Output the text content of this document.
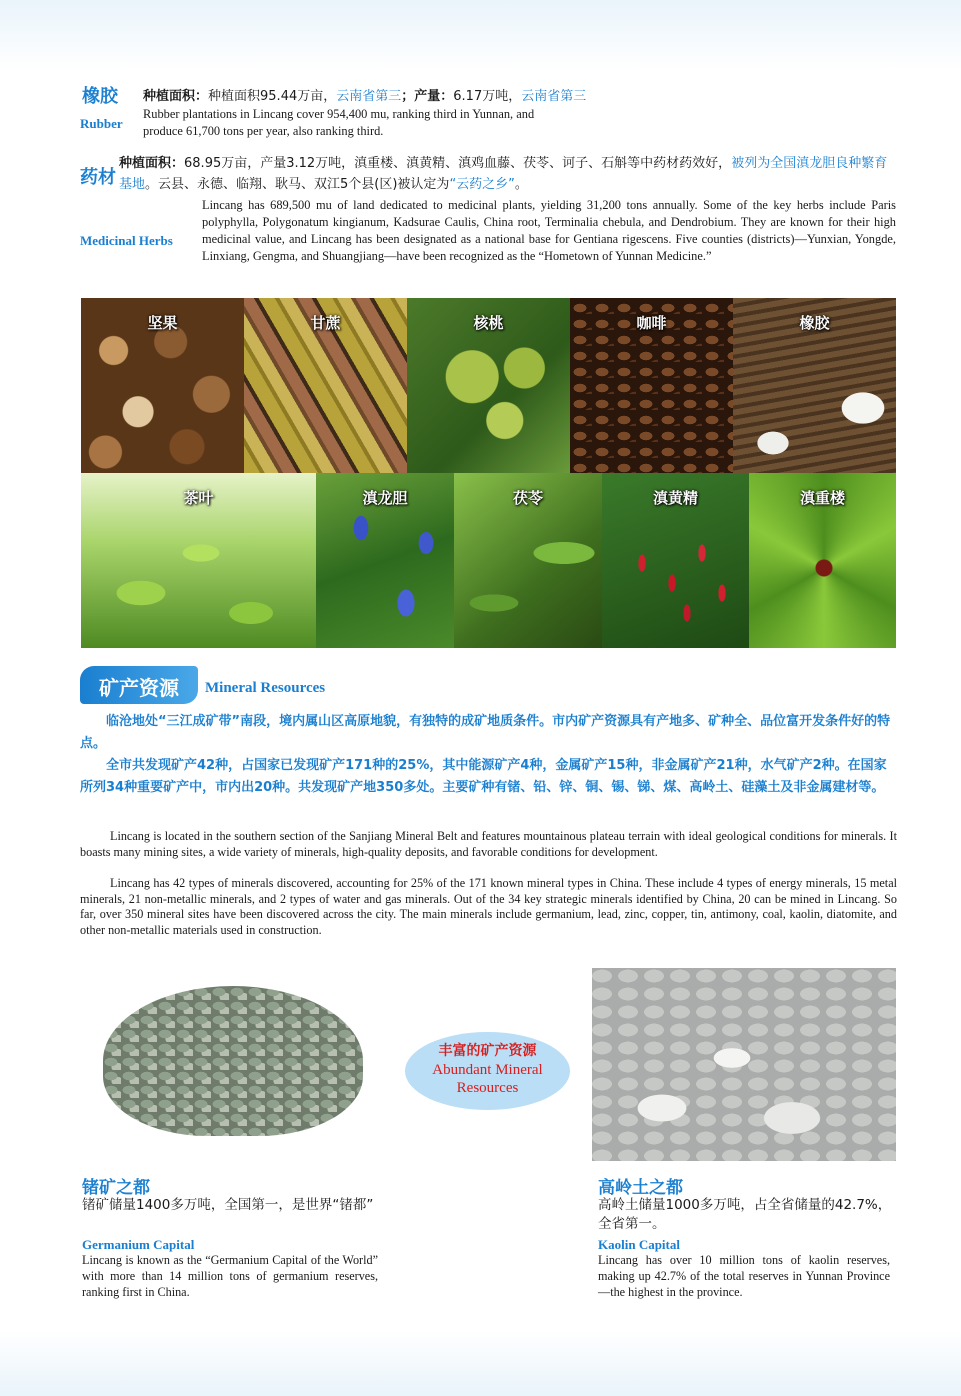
橡胶 种植面积：种植面积95.44万亩，云南省第三；产量：6.17万吨，云南省第三
Rubber
Rubber plantations in Lincang cover 954,400 mu, ranking third in Yunnan, and produce 61,700 tons per year, also ranking third.
药材
种植面积：68.95万亩，产量3.12万吨，滇重楼、滇黄精、滇鸡血藤、茯苓、诃子、石斛等中药材药效好，被列为全国滇龙胆良种繁育基地。云县、永德、临翔、耿马、双江5个县(区)被认定为“云药之乡”。
Medicinal Herbs
Lincang has 689,500 mu of land dedicated to medicinal plants, yielding 31,200 tons annually. Some of the key herbs include Paris polyphylla, Polygonatum kingianum, Kadsurae Caulis, China root, Terminalia chebula, and Dendrobium. They are known for their high medicinal value, and Lincang has been designated as a national base for Gentiana rigescens. Five counties (districts)—Yunxian, Yongde, Linxiang, Gengma, and Shuangjiang—have been recognized as the “Hometown of Yunnan Medicine.”
坚果	甘蔗	核桃	咖啡	橡胶
茶叶	滇龙胆	茯苓	滇黄精	滇重楼
矿产资源 Mineral Resources
临沧地处“三江成矿带”南段，境内属山区高原地貌，有独特的成矿地质条件。市内矿产资源具有产地多、矿种全、品位富开发条件好的特点。
全市共发现矿产42种，占国家已发现矿产171种的25%，其中能源矿产4种，金属矿产15种，非金属矿产21种，水气矿产2种。在国家所列34种重要矿产中，市内出20种。共发现矿产地350多处。主要矿种有锗、铅、锌、铜、锡、锑、煤、高岭土、硅藻土及非金属建材等。
Lincang is located in the southern section of the Sanjiang Mineral Belt and features mountainous plateau terrain with ideal geological conditions for minerals. It boasts many mining sites, a wide variety of minerals, high-quality deposits, and favorable conditions for development.
Lincang has 42 types of minerals discovered, accounting for 25% of the 171 known mineral types in China. These include 4 types of energy minerals, 15 metal minerals, 21 non-metallic minerals, and 2 types of water and gas minerals. Out of the 34 key strategic minerals identified by China, 20 can be mined in Lincang. So far, over 350 mineral sites have been discovered across the city. The main minerals include germanium, lead, zinc, copper, tin, antimony, coal, kaolin, diatomite, and other non-metallic materials used in construction.
丰富的矿产资源
Abundant Mineral
Resources
锗矿之都
锗矿储量1400多万吨，全国第一，是世界“锗都”
Germanium Capital
Lincang is known as the “Germanium Capital of the World” with more than 14 million tons of germanium reserves, ranking first in China.
高岭土之都
高岭土储量1000多万吨，占全省储量的42.7%，全省第一。
Kaolin Capital
Lincang has over 10 million tons of kaolin reserves, making up 42.7% of the total reserves in Yunnan Province—the highest in the province.
